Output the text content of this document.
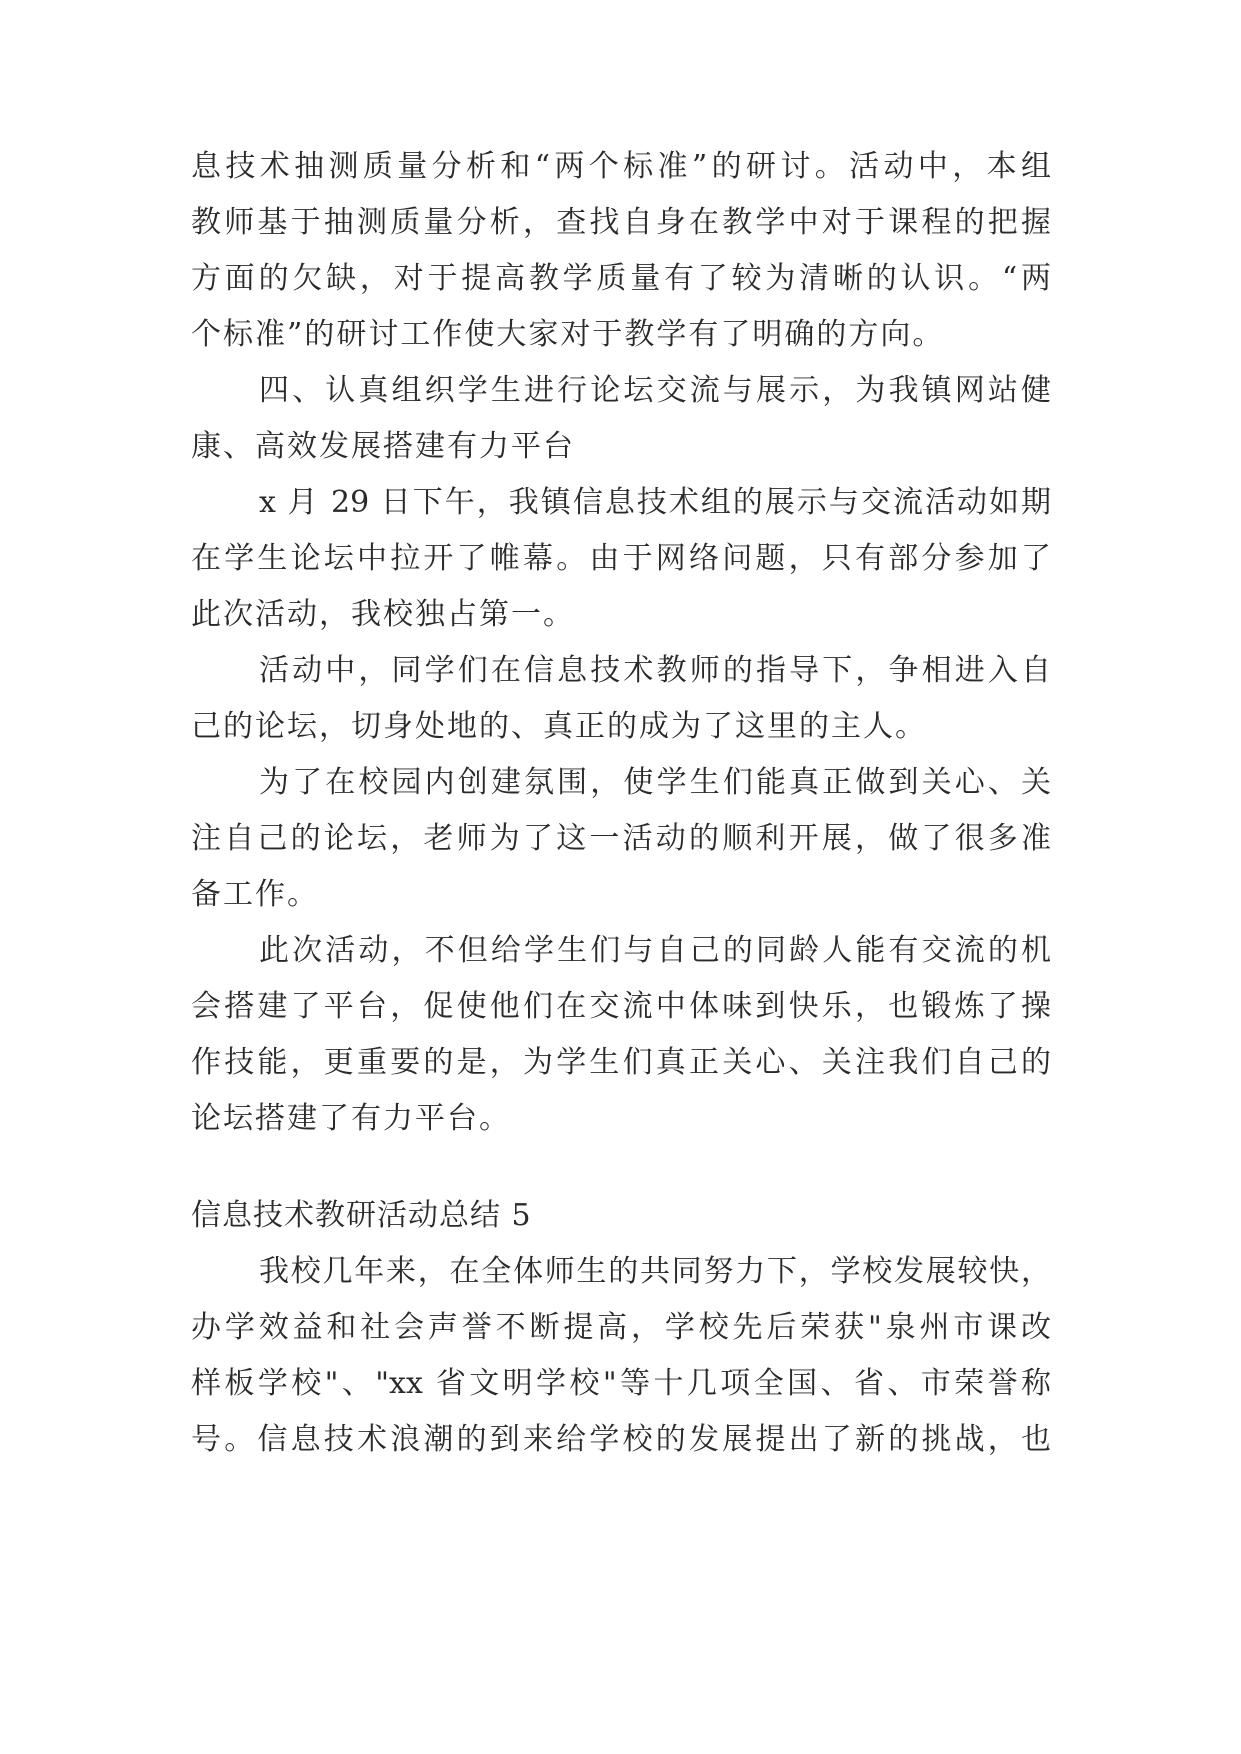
息技术抽测质量分析和“两个标准”的研讨。活动中，本组
教师基于抽测质量分析，查找自身在教学中对于课程的把握
方面的欠缺，对于提高教学质量有了较为清晰的认识。“两
个标准”的研讨工作使大家对于教学有了明确的方向。
四、认真组织学生进行论坛交流与展示，为我镇网站健
康、高效发展搭建有力平台
x 月 29 日下午，我镇信息技术组的展示与交流活动如期
在学生论坛中拉开了帷幕。由于网络问题，只有部分参加了
此次活动，我校独占第一。
活动中，同学们在信息技术教师的指导下，争相进入自
己的论坛，切身处地的、真正的成为了这里的主人。
为了在校园内创建氛围，使学生们能真正做到关心、关
注自己的论坛，老师为了这一活动的顺利开展，做了很多准
备工作。
此次活动，不但给学生们与自己的同龄人能有交流的机
会搭建了平台，促使他们在交流中体味到快乐，也锻炼了操
作技能，更重要的是，为学生们真正关心、关注我们自己的
论坛搭建了有力平台。
信息技术教研活动总结 5
我校几年来，在全体师生的共同努力下，学校发展较快，
办学效益和社会声誉不断提高，学校先后荣获"泉州市课改
样板学校"、"xx 省文明学校"等十几项全国、省、市荣誉称
号。信息技术浪潮的到来给学校的发展提出了新的挑战，也
